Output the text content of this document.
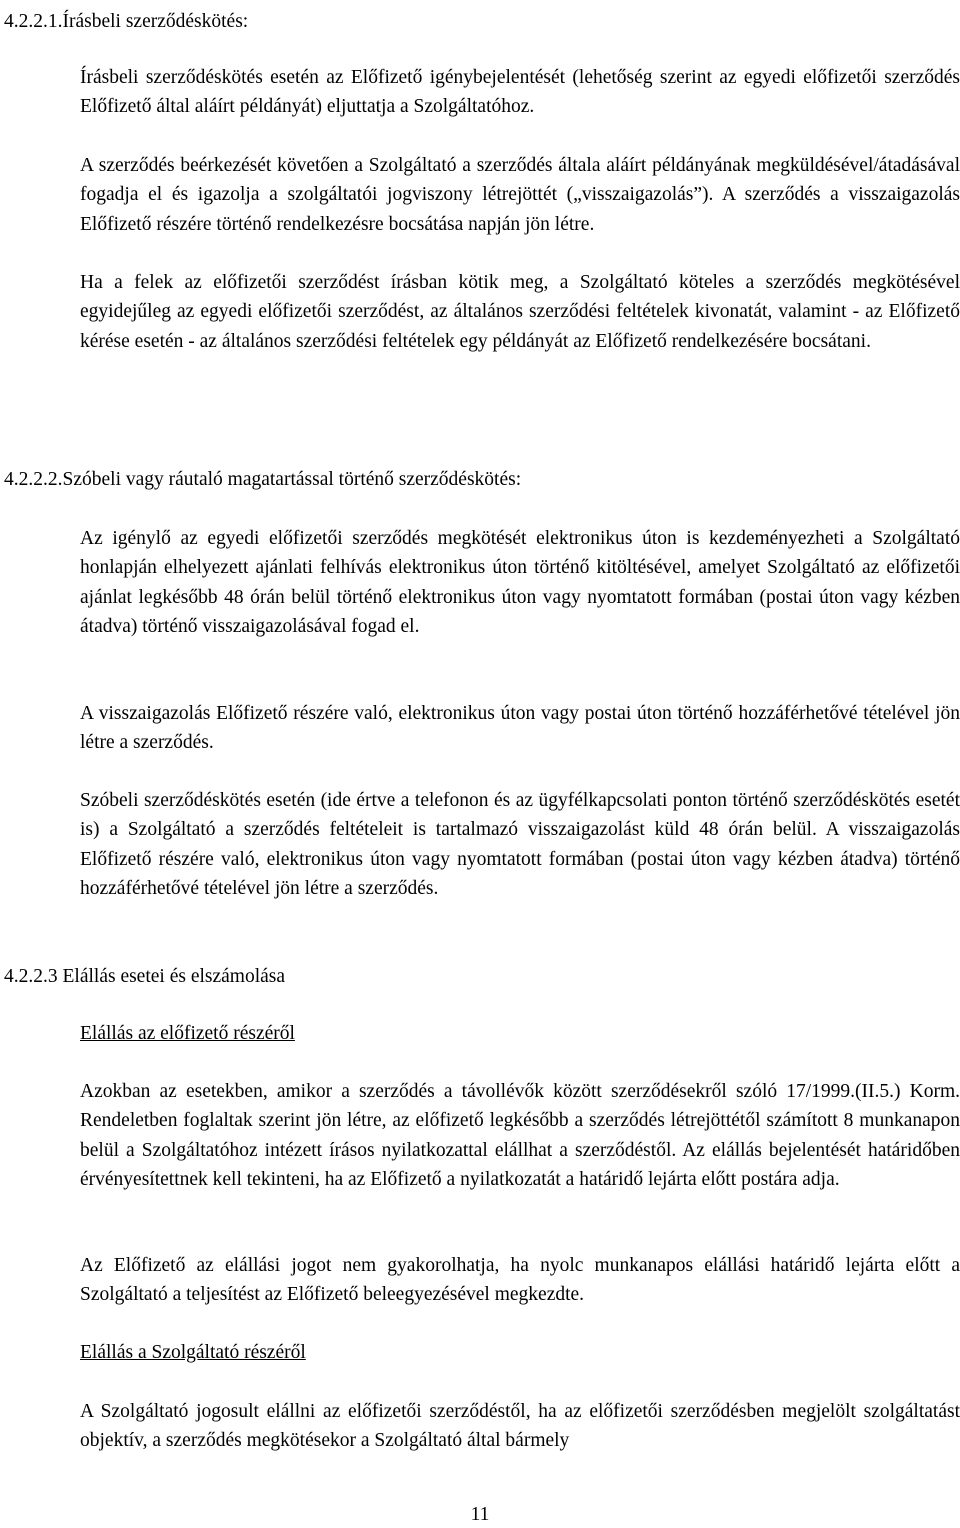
4.2.2.1.Írásbeli szerződéskötés:

Írásbeli szerződéskötés esetén az Előfizető igénybejelentését (lehetőség szerint az egyedi előfizetői szerződés Előfizető által aláírt példányát) eljuttatja a Szolgáltatóhoz.

A szerződés beérkezését követően a Szolgáltató a szerződés általa aláírt példányának megküldésével/átadásával fogadja el és igazolja a szolgáltatói jogviszony létrejöttét („visszaigazolás”). A szerződés a visszaigazolás Előfizető részére történő rendelkezésre bocsátása napján jön létre.

Ha a felek az előfizetői szerződést írásban kötik meg, a Szolgáltató köteles a szerződés megkötésével egyidejűleg az egyedi előfizetői szerződést, az általános szerződési feltételek kivonatát, valamint - az Előfizető kérése esetén - az általános szerződési feltételek egy példányát az Előfizető rendelkezésére bocsátani.

4.2.2.2.Szóbeli vagy ráutaló magatartással történő szerződéskötés:

Az igénylő az egyedi előfizetői szerződés megkötését elektronikus úton is kezdeményezheti a Szolgáltató honlapján elhelyezett ajánlati felhívás elektronikus úton történő kitöltésével, amelyet Szolgáltató az előfizetői ajánlat legkésőbb 48 órán belül történő elektronikus úton vagy nyomtatott formában (postai úton vagy kézben átadva) történő visszaigazolásával fogad el.

A visszaigazolás Előfizető részére való, elektronikus úton vagy postai úton történő hozzáférhetővé tételével jön létre a szerződés.

Szóbeli szerződéskötés esetén (ide értve a telefonon és az ügyfélkapcsolati ponton történő szerződéskötés esetét is) a Szolgáltató a szerződés feltételeit is tartalmazó visszaigazolást küld 48 órán belül. A visszaigazolás Előfizető részére való, elektronikus úton vagy nyomtatott formában (postai úton vagy kézben átadva) történő hozzáférhetővé tételével jön létre a szerződés.

4.2.2.3 Elállás esetei és elszámolása
Elállás az előfizető részéről

Azokban az esetekben, amikor a szerződés a távollévők között szerződésekről szóló 17/1999.(II.5.) Korm. Rendeletben foglaltak szerint jön létre, az előfizető legkésőbb a szerződés létrejöttétől számított 8 munkanapon belül a Szolgáltatóhoz intézett írásos nyilatkozattal elállhat a szerződéstől. Az elállás bejelentését határidőben érvényesítettnek kell tekinteni, ha az Előfizető a nyilatkozatát a határidő lejárta előtt postára adja.

Az Előfizető az elállási jogot nem gyakorolhatja, ha nyolc munkanapos elállási határidő lejárta előtt a Szolgáltató a teljesítést az Előfizető beleegyezésével megkezdte.

Elállás a Szolgáltató részéről

A Szolgáltató jogosult elállni az előfizetői szerződéstől, ha az előfizetői szerződésben megjelölt szolgáltatást objektív, a szerződés megkötésekor a Szolgáltató által bármely

11
